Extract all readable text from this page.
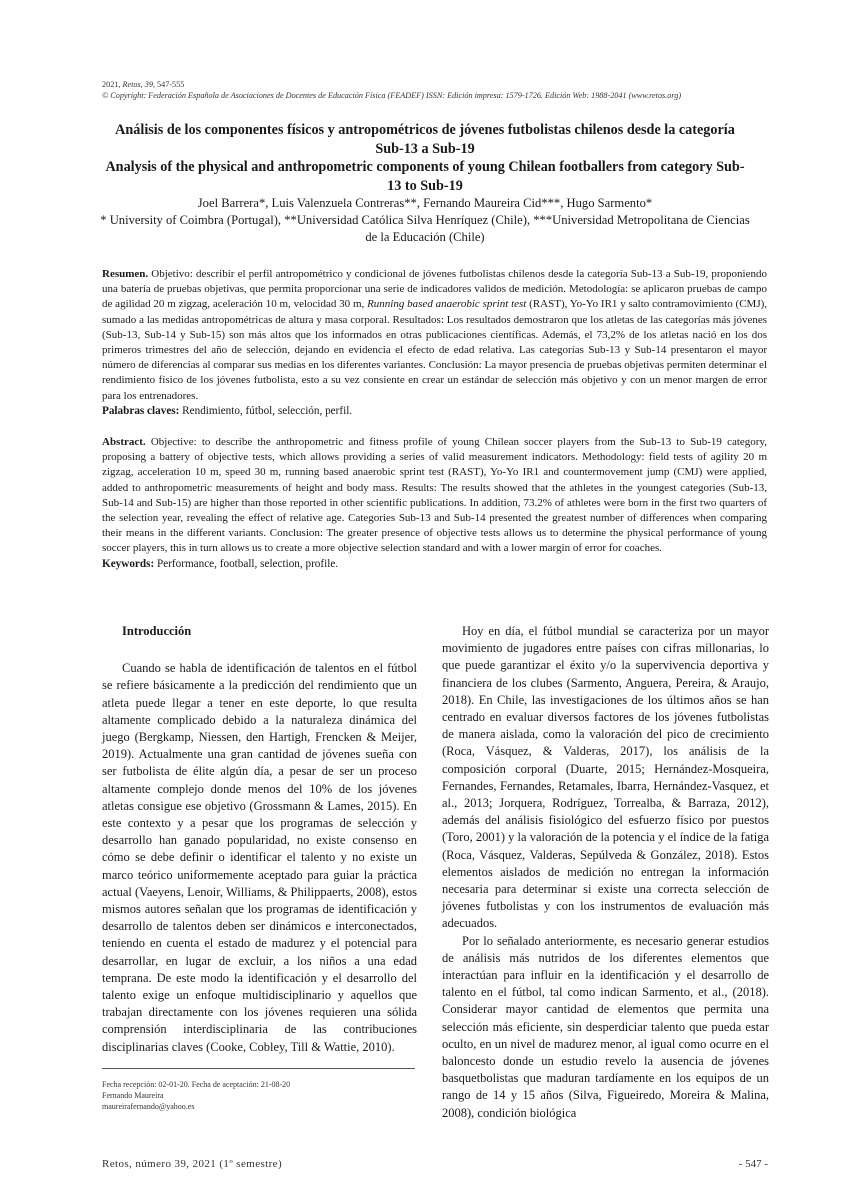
2021, Retos, 39, 547-555
© Copyright: Federación Española de Asociaciones de Docentes de Educación Física (FEADEF) ISSN: Edición impresa: 1579-1726. Edición Web: 1988-2041 (www.retos.org)
Análisis de los componentes físicos y antropométricos de jóvenes futbolistas chilenos desde la categoría Sub-13 a Sub-19
Analysis of the physical and anthropometric components of young Chilean footballers from category Sub-13 to Sub-19
Joel Barrera*, Luis Valenzuela Contreras**, Fernando Maureira Cid***, Hugo Sarmento*
* University of Coimbra (Portugal), **Universidad Católica Silva Henríquez (Chile), ***Universidad Metropolitana de Ciencias de la Educación (Chile)
Resumen. Objetivo: describir el perfil antropométrico y condicional de jóvenes futbolistas chilenos desde la categoría Sub-13 a Sub-19, proponiendo una batería de pruebas objetivas, que permita proporcionar una serie de indicadores validos de medición. Metodología: se aplicaron pruebas de campo de agilidad 20 m zigzag, aceleración 10 m, velocidad 30 m, Running based anaerobic sprint test (RAST), Yo-Yo IR1 y salto contramovimiento (CMJ), sumado a las medidas antropométricas de altura y masa corporal. Resultados: Los resultados demostraron que los atletas de las categorías más jóvenes (Sub-13, Sub-14 y Sub-15) son más altos que los informados en otras publicaciones científicas. Además, el 73,2% de los atletas nació en los dos primeros trimestres del año de selección, dejando en evidencia el efecto de edad relativa. Las categorías Sub-13 y Sub-14 presentaron el mayor número de diferencias al comparar sus medias en los diferentes variantes. Conclusión: La mayor presencia de pruebas objetivas permiten determinar el rendimiento físico de los jóvenes futbolista, esto a su vez consiente en crear un estándar de selección más objetivo y con un menor margen de error para los entrenadores.
Palabras claves: Rendimiento, fútbol, selección, perfil.
Abstract. Objective: to describe the anthropometric and fitness profile of young Chilean soccer players from the Sub-13 to Sub-19 category, proposing a battery of objective tests, which allows providing a series of valid measurement indicators. Methodology: field tests of agility 20 m zigzag, acceleration 10 m, speed 30 m, running based anaerobic sprint test (RAST), Yo-Yo IR1 and countermovement jump (CMJ) were applied, added to anthropometric measurements of height and body mass. Results: The results showed that the athletes in the youngest categories (Sub-13, Sub-14 and Sub-15) are higher than those reported in other scientific publications. In addition, 73.2% of athletes were born in the first two quarters of the selection year, revealing the effect of relative age. Categories Sub-13 and Sub-14 presented the greatest number of differences when comparing their means in the different variants. Conclusion: The greater presence of objective tests allows us to determine the physical performance of young soccer players, this in turn allows us to create a more objective selection standard and with a lower margin of error for coaches.
Keywords: Performance, football, selection, profile.
Introducción

Cuando se habla de identificación de talentos en el fútbol se refiere básicamente a la predicción del rendimiento que un atleta puede llegar a tener en este deporte, lo que resulta altamente complicado debido a la naturaleza dinámica del juego (Bergkamp, Niessen, den Hartigh, Frencken & Meijer, 2019). Actualmente una gran cantidad de jóvenes sueña con ser futbolista de élite algún día, a pesar de ser un proceso altamente complejo donde menos del 10% de los jóvenes atletas consigue ese objetivo (Grossmann & Lames, 2015). En este contexto y a pesar que los programas de selección y desarrollo han ganado popularidad, no existe consenso en cómo se debe definir o identificar el talento y no existe un marco teórico uniformemente aceptado para guiar la práctica actual (Vaeyens, Lenoir, Williams, & Philippaerts, 2008), estos mismos autores señalan que los programas de identificación y desarrollo de talentos deben ser dinámicos e interconectados, teniendo en cuenta el estado de madurez y el potencial para desarrollar, en lugar de excluir, a los niños a una edad temprana. De este modo la identificación y el desarrollo del talento exige un enfoque multidisciplinario y aquellos que trabajan directamente con los jóvenes requieren una sólida comprensión interdisciplinaria de las contribuciones disciplinarias claves (Cooke, Cobley, Till & Wattie, 2010).

Hoy en día, el fútbol mundial se caracteriza por un mayor movimiento de jugadores entre países con cifras millonarias, lo que puede garantizar el éxito y/o la supervivencia deportiva y financiera de los clubes (Sarmento, Anguera, Pereira, & Araujo, 2018). En Chile, las investigaciones de los últimos años se han centrado en evaluar diversos factores de los jóvenes futbolistas de manera aislada, como la valoración del pico de crecimiento (Roca, Vásquez, & Valderas, 2017), los análisis de la composición corporal (Duarte, 2015; Hernández-Mosqueira, Fernandes, Fernandes, Retamales, Ibarra, Hernández-Vasquez, et al., 2013; Jorquera, Rodríguez, Torrealba, & Barraza, 2012), además del análisis fisiológico del esfuerzo físico por puestos (Toro, 2001) y la valoración de la potencia y el índice de la fatiga (Roca, Vásquez, Valderas, Sepúlveda & González, 2018). Estos elementos aislados de medición no entregan la información necesaria para determinar si existe una correcta selección de jóvenes futbolistas y con los instrumentos de evaluación más adecuados.

Por lo señalado anteriormente, es necesario generar estudios de análisis más nutridos de los diferentes elementos que interactúan para influir en la identificación y el desarrollo de talento en el fútbol, tal como indican Sarmento, et al., (2018). Considerar mayor cantidad de elementos que permita una selección más eficiente, sin desperdiciar talento que pueda estar oculto, en un nivel de madurez menor, al igual como ocurre en el baloncesto donde un estudio revelo la ausencia de jóvenes basquetbolistas que maduran tardíamente en los equipos de un rango de 14 y 15 años (Silva, Figueiredo, Moreira & Malina, 2008), condición biológica

Fecha recepción: 02-01-20. Fecha de aceptación: 21-08-20
Fernando Maureira
maureirafernando@yahoo.es
Retos, número 39, 2021 (1º semestre)	- 547 -
